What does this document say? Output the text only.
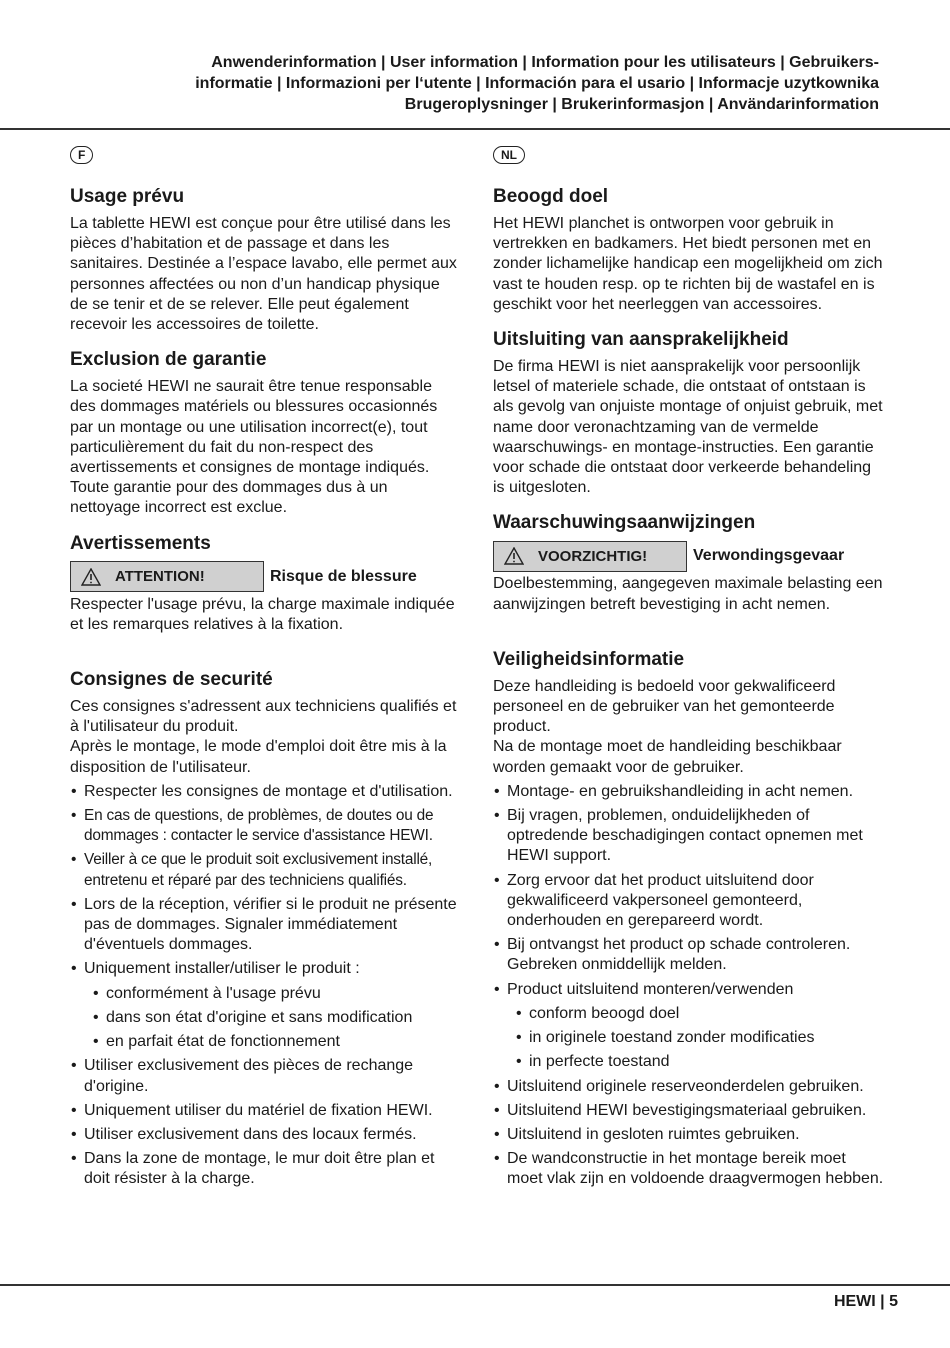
Anwenderinformation | User information | Information pour les utilisateurs | Gebruikers-
informatie | Informazioni per l‘utente | Información para el usario | Informacje uzytkownika
Brugeroplysninger | Brukerinformasjon | Användarinformation
F
Usage prévu

La tablette HEWI est conçue pour être utilisé dans les pièces d’habitation et de passage et dans les sanitaires. Destinée a l’espace lavabo, elle permet aux personnes affectées ou non d’un handicap physique de se tenir et de se relever. Elle peut également recevoir les accessoires de toilette.

Exclusion de garantie

La societé HEWI ne saurait être tenue responsable des dommages matériels ou blessures occasionnés par un montage ou une utilisation incorrect(e), tout particulièrement du fait du non-respect des avertissements et consignes de montage indiqués. Toute garantie pour des dommages dus à un nettoyage incorrect est exclue.

Avertissements
ATTENTION!	Risque de blessure

Respecter l'usage prévu, la charge maximale indiquée et les remarques relatives à la fixation.

Consignes de securité

Ces consignes s'adressent aux techniciens qualifiés et à l'utilisateur du produit.

Après le montage, le mode d'emploi doit être mis à la disposition de l'utilisateur.

• Respecter les consignes de montage et d'utilisation.
• En cas de questions, de problèmes, de doutes ou de dommages : contacter le service d'assistance HEWI.
• Veiller à ce que le produit soit exclusivement installé, entretenu et réparé par des techniciens qualifiés.
• Lors de la réception, vérifier si le produit ne présente pas de dommages. Signaler immédiatement d'éventuels dommages.
• Uniquement installer/utiliser le produit :
• conformément à l'usage prévu
• dans son état d'origine et sans modification
• en parfait état de fonctionnement
• Utiliser exclusivement des pièces de rechange d'origine.
• Uniquement utiliser du matériel de fixation HEWI.
• Utiliser exclusivement dans des locaux fermés.
• Dans la zone de montage, le mur doit être plan et doit résister à la charge.
NL
Beoogd doel

Het HEWI planchet is ontworpen voor gebruik in vertrekken en badkamers. Het biedt personen met en zonder lichamelijke handicap een mogelijkheid om zich vast te houden resp. op te richten bij de wastafel en is geschikt voor het neerleggen van accessoires.

Uitsluiting van aansprakelijkheid

De firma HEWI is niet aansprakelijk voor persoonlijk letsel of materiele schade, die ontstaat of ontstaan is als gevolg van onjuiste montage of onjuist gebruik, met name door veronachtzaming van de vermelde waarschuwings- en montage-instructies. Een garantie voor schade die ontstaat door verkeerde behandeling is uitgesloten.

Waarschuwingsaanwijzingen
VOORZICHTIG!	Verwondingsgevaar

Doelbestemming, aangegeven maximale belasting een aanwijzingen betreft bevestiging in acht nemen.

Veiligheidsinformatie

Deze handleiding is bedoeld voor gekwalificeerd personeel en de gebruiker van het gemonteerde product.

Na de montage moet de handleiding beschikbaar worden gemaakt voor de gebruiker.

• Montage- en gebruikshandleiding in acht nemen.
• Bij vragen, problemen, onduidelijkheden of optredende beschadigingen contact opnemen met HEWI support.
• Zorg ervoor dat het product uitsluitend door gekwalificeerd vakpersoneel gemonteerd, onderhouden en gerepareerd wordt.
• Bij ontvangst het product op schade controleren. Gebreken onmiddellijk melden.
• Product uitsluitend monteren/verwenden
• conform beoogd doel
• in originele toestand zonder modificaties
• in perfecte toestand
• Uitsluitend originele reserveonderdelen gebruiken.
• Uitsluitend HEWI bevestigingsmateriaal gebruiken.
• Uitsluitend in gesloten ruimtes gebruiken.
• De wandconstructie in het montage bereik moet moet vlak zijn en voldoende draagvermogen hebben.
HEWI | 5
